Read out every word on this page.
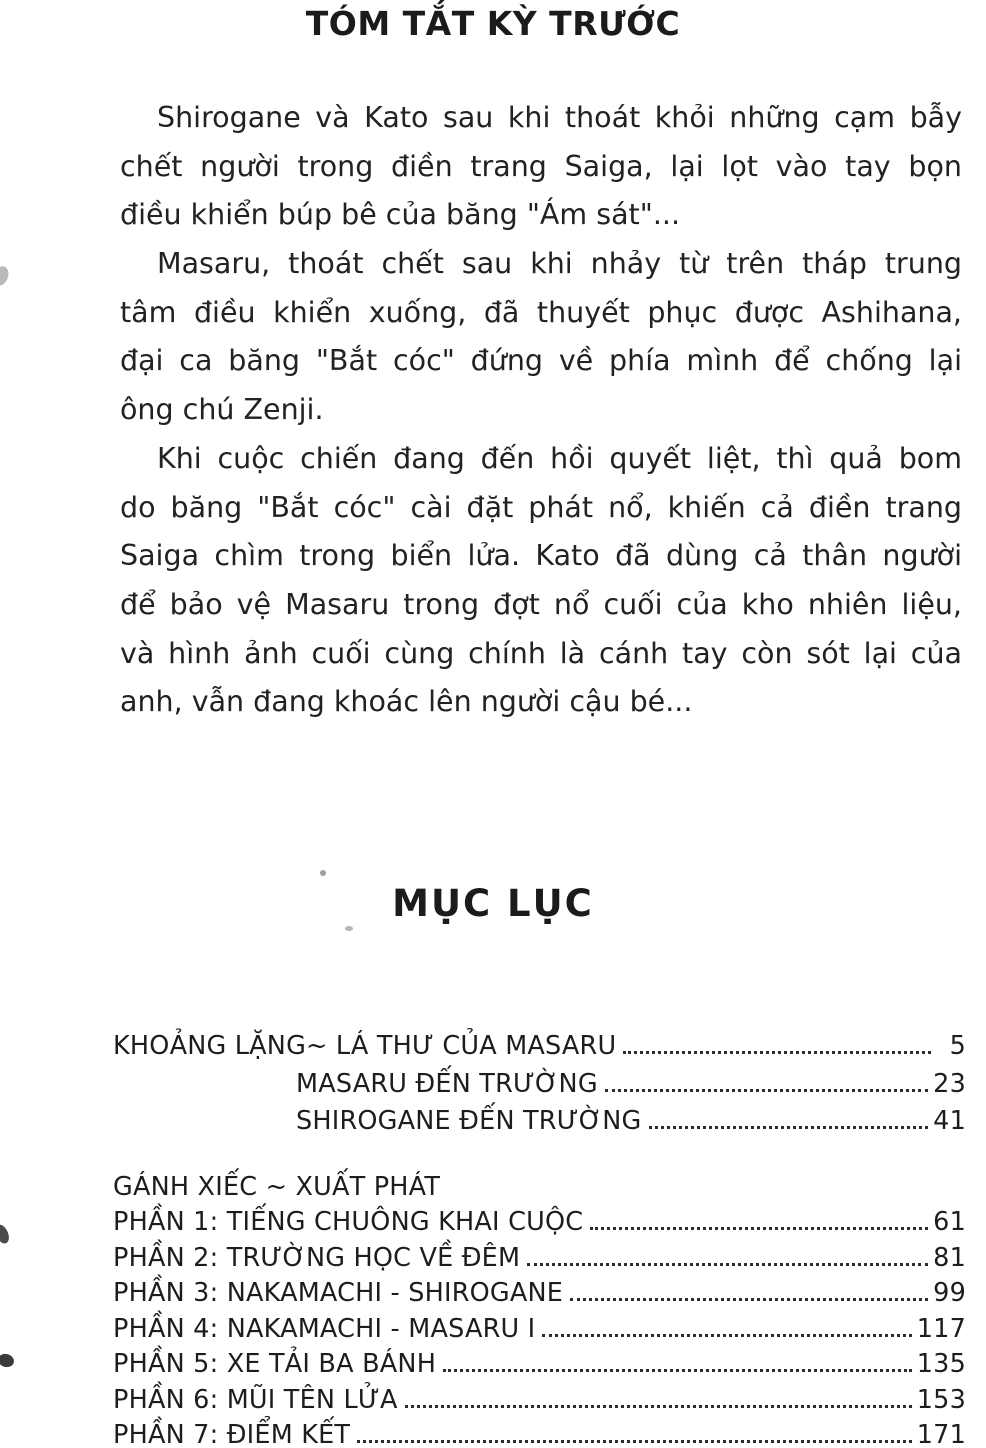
TÓM TẮT KỲ TRƯỚC
Shirogane và Kato sau khi thoát khỏi những cạm bẫy
chết người trong điền trang Saiga, lại lọt vào tay bọn
điều khiển búp bê của băng "Ám sát"...
Masaru, thoát chết sau khi nhảy từ trên tháp trung
tâm điều khiển xuống, đã thuyết phục được Ashihana,
đại ca băng "Bắt cóc" đứng về phía mình để chống lại
ông chú Zenji.
Khi cuộc chiến đang đến hồi quyết liệt, thì quả bom
do băng "Bắt cóc" cài đặt phát nổ, khiến cả điền trang
Saiga chìm trong biển lửa. Kato đã dùng cả thân người
để bảo vệ Masaru trong đợt nổ cuối của kho nhiên liệu,
và hình ảnh cuối cùng chính là cánh tay còn sót lại của
anh, vẫn đang khoác lên người cậu bé...
MỤC LỤC
KHOẢNG LẶNG~ LÁ THƯ CỦA MASARU	5
MASARU ĐẾN TRƯỜNG	23
SHIROGANE ĐẾN TRƯỜNG	41
GÁNH XIẾC ~ XUẤT PHÁT
PHẦN 1: TIẾNG CHUÔNG KHAI CUỘC	61
PHẦN 2: TRƯỜNG HỌC VỀ ĐÊM	81
PHẦN 3: NAKAMACHI - SHIROGANE	99
PHẦN 4: NAKAMACHI - MASARU I	117
PHẦN 5: XE TẢI BA BÁNH	135
PHẦN 6: MŨI TÊN LỬA	153
PHẦN 7: ĐIỂM KẾT	171
